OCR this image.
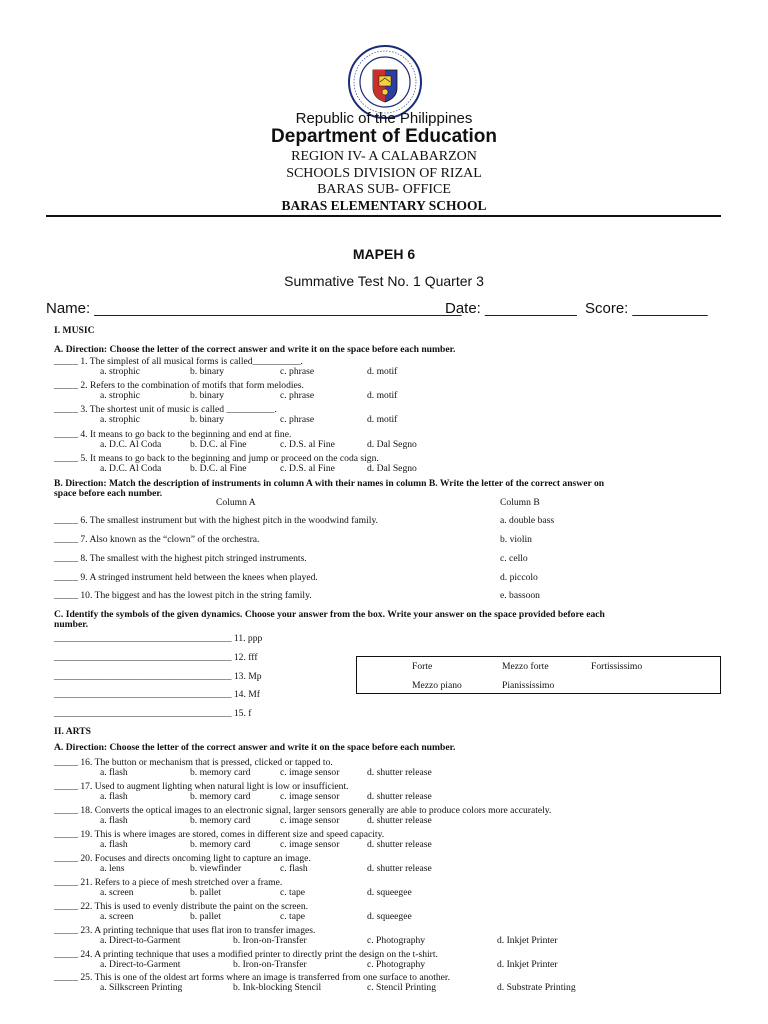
Republic of the Philippines
Department of Education
REGION IV- A CALABARZON
SCHOOLS DIVISION OF RIZAL
BARAS SUB- OFFICE
BARAS ELEMENTARY SCHOOL
MAPEH 6
Summative Test No. 1 Quarter 3
Name: ____________________________________________
Date: ___________ Score: _________
I. MUSIC
A. Direction: Choose the letter of the correct answer and write it on the space before each number.
_____ 1. The simplest of all musical forms is called__________.
a. strophic	b. binary	c. phrase	d. motif
_____ 2. Refers to the combination of motifs that form melodies.
a. strophic	b. binary	c. phrase	d. motif
_____ 3. The shortest unit of music is called __________.
a. strophic	b. binary	c. phrase	d. motif
_____ 4. It means to go back to the beginning and end at fine.
a. D.C. Al Coda	b. D.C. al Fine	c. D.S. al Fine	d. Dal Segno
_____ 5. It means to go back to the beginning and jump or proceed on the coda sign.
a. D.C. Al Coda	b. D.C. al Fine	c. D.S. al Fine	d. Dal Segno
B. Direction: Match the description of instruments in column A with their names in column B. Write the letter of the correct answer on
space before each number.
Column A	Column B
_____ 6. The smallest instrument but with the highest pitch in the woodwind family.	a. double bass
_____ 7. Also known as the “clown” of the orchestra.	b. violin
_____ 8. The smallest with the highest pitch stringed instruments.	c. cello
_____ 9. A stringed instrument held between the knees when played.	d. piccolo
_____ 10. The biggest and has the lowest pitch in the string family.	e. bassoon
C. Identify the symbols of the given dynamics. Choose your answer from the box. Write your answer on the space provided before each
number.
_____________________________________ 11. ppp
_____________________________________ 12. fff
_____________________________________ 13. Mp
_____________________________________ 14. Mf
_____________________________________ 15. f
Forte	Mezzo forte	Fortississimo
Mezzo piano	Pianississimo
II. ARTS
A. Direction: Choose the letter of the correct answer and write it on the space before each number.
_____ 16. The button or mechanism that is pressed, clicked or tapped to.
a. flash	b. memory card	c. image sensor	d. shutter release
_____ 17. Used to augment lighting when natural light is low or insufficient.
a. flash	b. memory card	c. image sensor	d. shutter release
_____ 18. Converts the optical images to an electronic signal, larger sensors generally are able to produce colors more accurately.
a. flash	b. memory card	c. image sensor	d. shutter release
_____ 19. This is where images are stored, comes in different size and speed capacity.
a. flash	b. memory card	c. image sensor	d. shutter release
_____ 20. Focuses and directs oncoming light to capture an image.
a. lens	b. viewfinder	c. flash	d. shutter release
_____ 21. Refers to a piece of mesh stretched over a frame.
a. screen	b. pallet	c. tape	d. squeegee
_____ 22. This is used to evenly distribute the paint on the screen.
a. screen	b. pallet	c. tape	d. squeegee
_____ 23. A printing technique that uses flat iron to transfer images.
a. Direct-to-Garment	b. Iron-on-Transfer	c. Photography	d. Inkjet Printer
_____ 24. A printing technique that uses a modified printer to directly print the design on the t-shirt.
a. Direct-to-Garment	b. Iron-on-Transfer	c. Photography	d. Inkjet Printer
_____ 25. This is one of the oldest art forms where an image is transferred from one surface to another.
a. Silkscreen Printing	b. Ink-blocking Stencil	c. Stencil Printing	d. Substrate Printing
